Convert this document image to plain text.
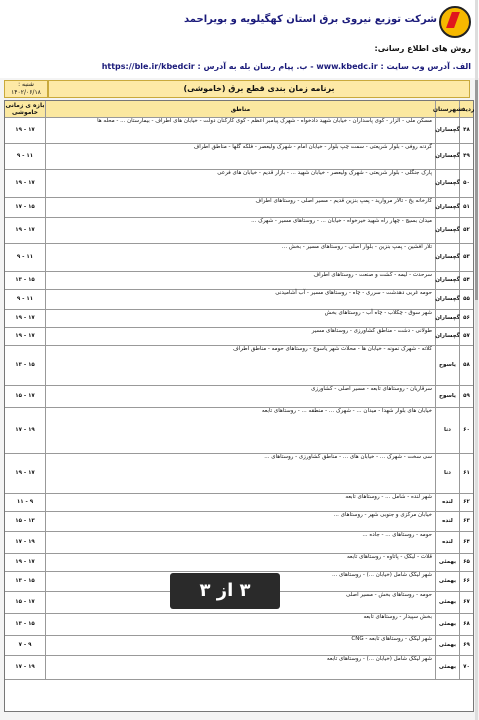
شرکت توزیع نیروی برق استان کهگیلویه و بویراحمد
روش های اطلاع رسانی:
الف. آدرس وب سایت : www.kbedc.ir - ب. پیام رسان بله به آدرس : https://ble.ir/kbedcir
برنامه زمان بندی قطع برق (خاموشی)
شنبه :
۱۴۰۲/۰۶/۱۸
ردیف
شهرستان
مناطق
بازه ی زمانی خاموشی
۴۸
گچساران
مسکن ملی - الزار - کوی پاسداران - خیابان شهید دادخواه - شهرک پیامبر اعظم - کوی کارکنان دولت - خیابان های اطراف - بیمارستان ... - محله ها
۱۷ - ۱۹
۴۹
گچساران
گردنه روفی - بلوار شریعتی - سمت چپ بلوار - خیابان امام - شهرک ولیعصر - فلکه گلها - مناطق اطراف
۱۱ - ۹
۵۰
گچساران
پارک جنگلی - بلوار شریعتی - شهرک ولیعصر - خیابان شهید ... - بازار قدیم - خیابان های فرعی
۱۷ - ۱۹
۵۱
گچساران
کارخانه یخ - تالار مروارید - پمپ بنزین قدیم - مسیر اصلی - روستاهای اطراف
۱۵ - ۱۷
۵۲
گچساران
میدان بسیج - چهار راه شهید خیرخواه - خیابان ... - روستاهای مسیر - شهرک ...
۱۷ - ۱۹
۵۳
گچساران
تلار افشین - پمپ بنزین - بلوار اصلی - روستاهای مسیر - بخش ...
۱۱ - ۹
۵۴
گچساران
سرحدت - لیمه - کشت و صنعت - روستاهای اطراف
۱۵ - ۱۳
۵۵
گچساران
حومه غربی دهدشت - سرری - چاه - روستاهای مسیر - آب آشامیدنی
۱۱ - ۹
۵۶
گچساران
شهر سوق - چکلاب - چاه آب - روستاهای بخش
۱۷ - ۱۹
۵۷
گچساران
طولانی - دشت - مناطق کشاورزی - روستاهای مسیر
۱۷ - ۱۹
۵۸
یاسوج
کلاته - شهرک نمونه - خیابان ها - محلات شهر یاسوج - روستاهای حومه - مناطق اطراف
۱۵ - ۱۳
۵۹
یاسوج
سرقاریان - روستاهای تابعه - مسیر اصلی - کشاورزی
۱۷ - ۱۵
۶۰
دنا
خیابان های بلوار شهدا - میدان ... - شهرک ... - منطقه ... - روستاهای تابعه
۱۹ - ۱۷
۶۱
دنا
سی سخت - شهرک ... - خیابان های ... - مناطق کشاورزی - روستاهای ...
۱۷ - ۱۹
۶۲
لنده
شهر لنده - شامل ... - روستاهای تابعه
۹ - ۱۱
۶۳
لنده
خیابان مرکزی و جنوبی شهر - روستاهای ...
۱۳ - ۱۵
۶۴
لنده
حومه - روستاهای ... - جاده ...
۱۹ - ۱۷
۶۵
بهمئی
قلات - لیکک - پاتاوه - روستاهای تابعه
۱۷ - ۱۹
۶۶
بهمئی
شهر لیکک شامل (خیابان ...) - روستاهای ...
۱۵ - ۱۳
۶۷
بهمئی
حومه - روستاهای بخش - مسیر اصلی
۱۷ - ۱۵
۶۸
بهمئی
بخش سپیدار - روستاهای تابعه
۱۵ - ۱۳
۶۹
بهمئی
شهر لیکک - روستاهای تابعه - CNG
۹ - ۷
۷۰
بهمئی
شهر لیکک شامل (خیابان ...) - روستاهای تابعه
۱۹ - ۱۷
۳ از ۳
